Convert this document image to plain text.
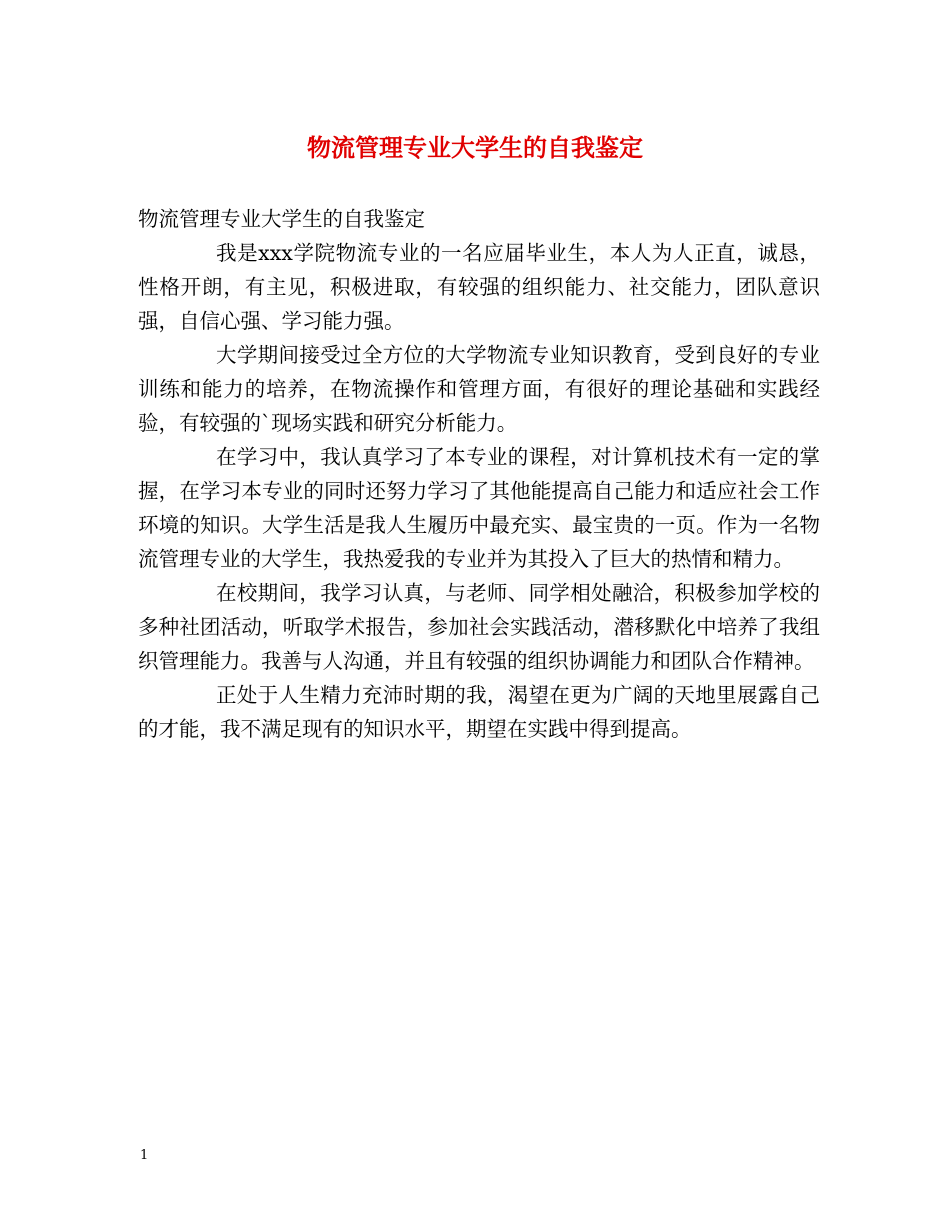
物流管理专业大学生的自我鉴定

物流管理专业大学生的自我鉴定

我是xxx学院物流专业的一名应届毕业生，本人为人正直，诚恳，性格开朗，有主见，积极进取，有较强的组织能力、社交能力，团队意识强，自信心强、学习能力强。

大学期间接受过全方位的大学物流专业知识教育，受到良好的专业训练和能力的培养，在物流操作和管理方面，有很好的理论基础和实践经验，有较强的`现场实践和研究分析能力。

在学习中，我认真学习了本专业的课程，对计算机技术有一定的掌握，在学习本专业的同时还努力学习了其他能提高自己能力和适应社会工作环境的知识。大学生活是我人生履历中最充实、最宝贵的一页。作为一名物流管理专业的大学生，我热爱我的专业并为其投入了巨大的热情和精力。

在校期间，我学习认真，与老师、同学相处融洽，积极参加学校的多种社团活动，听取学术报告，参加社会实践活动，潜移默化中培养了我组织管理能力。我善与人沟通，并且有较强的组织协调能力和团队合作精神。

正处于人生精力充沛时期的我，渴望在更为广阔的天地里展露自己的才能，我不满足现有的知识水平，期望在实践中得到提高。

1
